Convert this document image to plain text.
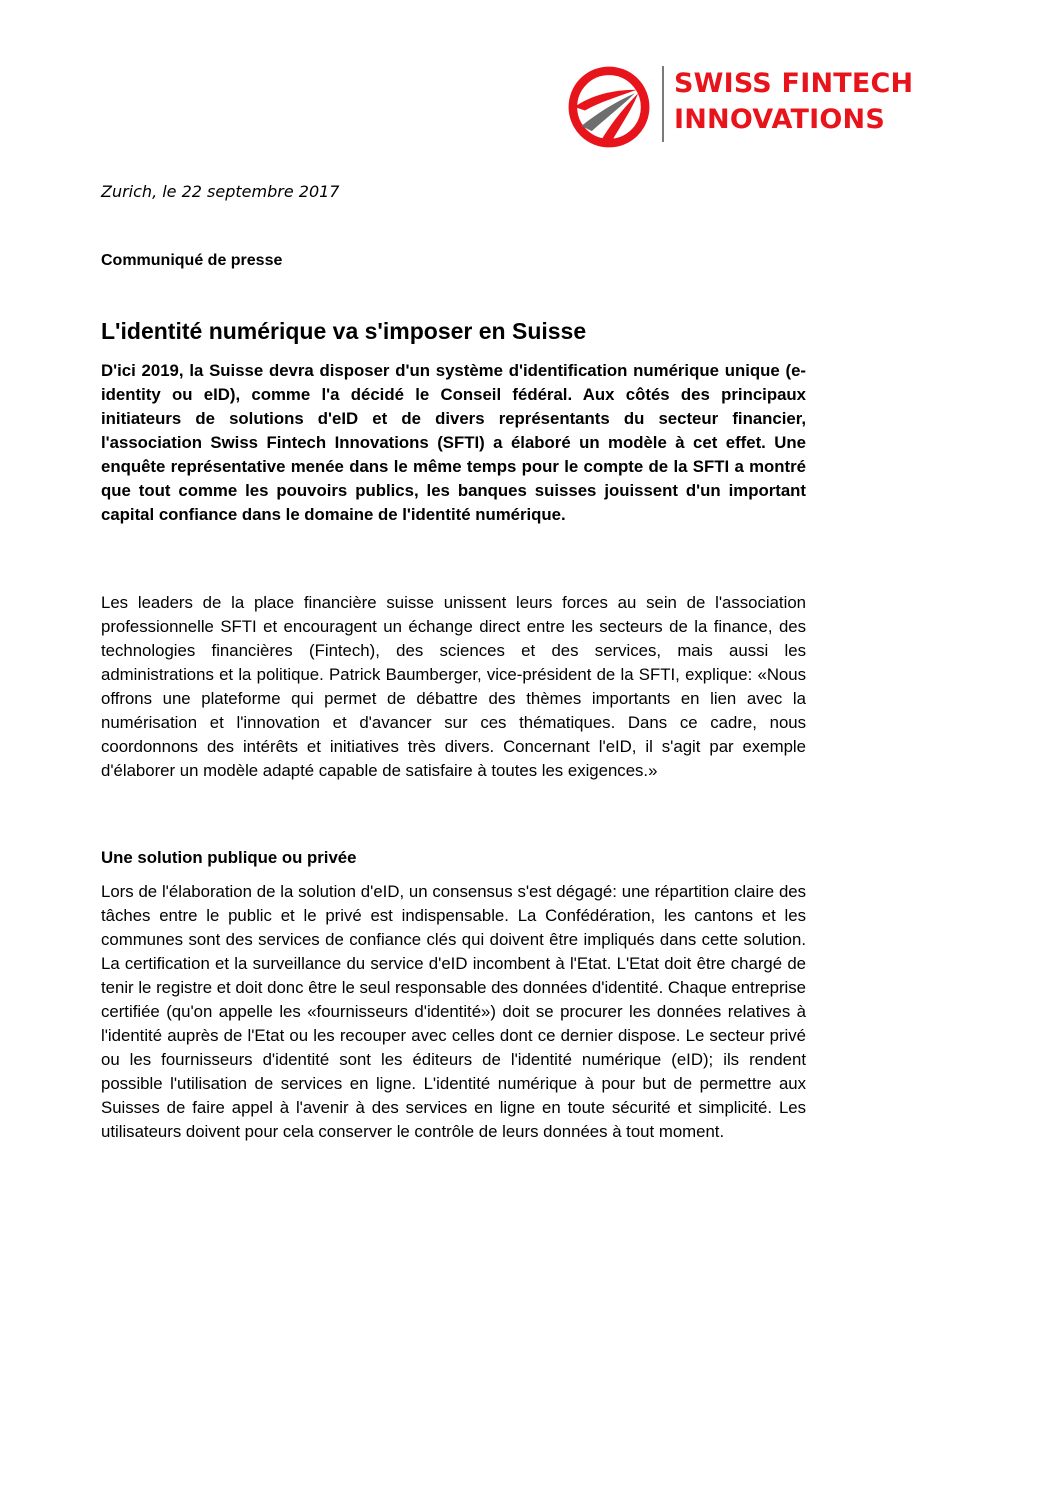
SWISS FINTECH
INNOVATIONS
Zurich, le 22 septembre 2017
Communiqué de presse
L'identité numérique va s'imposer en Suisse

D'ici 2019, la Suisse devra disposer d'un système d'identification numérique unique (e-identity ou eID), comme l'a décidé le Conseil fédéral. Aux côtés des principaux initiateurs de solutions d'eID et de divers représentants du secteur financier, l'association Swiss Fintech Innovations (SFTI) a élaboré un modèle à cet effet. Une enquête représentative menée dans le même temps pour le compte de la SFTI a montré que tout comme les pouvoirs publics, les banques suisses jouissent d'un important capital confiance dans le domaine de l'identité numérique.

Les leaders de la place financière suisse unissent leurs forces au sein de l'association professionnelle SFTI et encouragent un échange direct entre les secteurs de la finance, des technologies financières (Fintech), des sciences et des services, mais aussi les administrations et la politique. Patrick Baumberger, vice-président de la SFTI, explique: «Nous offrons une plateforme qui permet de débattre des thèmes importants en lien avec la numérisation et l'innovation et d'avancer sur ces thématiques. Dans ce cadre, nous coordonnons des intérêts et initiatives très divers. Concernant l'eID, il s'agit par exemple d'élaborer un modèle adapté capable de satisfaire à toutes les exigences.»

Une solution publique ou privée

Lors de l'élaboration de la solution d'eID, un consensus s'est dégagé: une répartition claire des tâches entre le public et le privé est indispensable. La Confédération, les cantons et les communes sont des services de confiance clés qui doivent être impliqués dans cette solution. La certification et la surveillance du service d'eID incombent à l'Etat. L'Etat doit être chargé de tenir le registre et doit donc être le seul responsable des données d'identité. Chaque entreprise certifiée (qu'on appelle les «fournisseurs d'identité») doit se procurer les données relatives à l'identité auprès de l'Etat ou les recouper avec celles dont ce dernier dispose. Le secteur privé ou les fournisseurs d'identité sont les éditeurs de l'identité numérique (eID); ils rendent possible l'utilisation de services en ligne. L'identité numérique à pour but de permettre aux Suisses de faire appel à l'avenir à des services en ligne en toute sécurité et simplicité. Les utilisateurs doivent pour cela conserver le contrôle de leurs données à tout moment.
